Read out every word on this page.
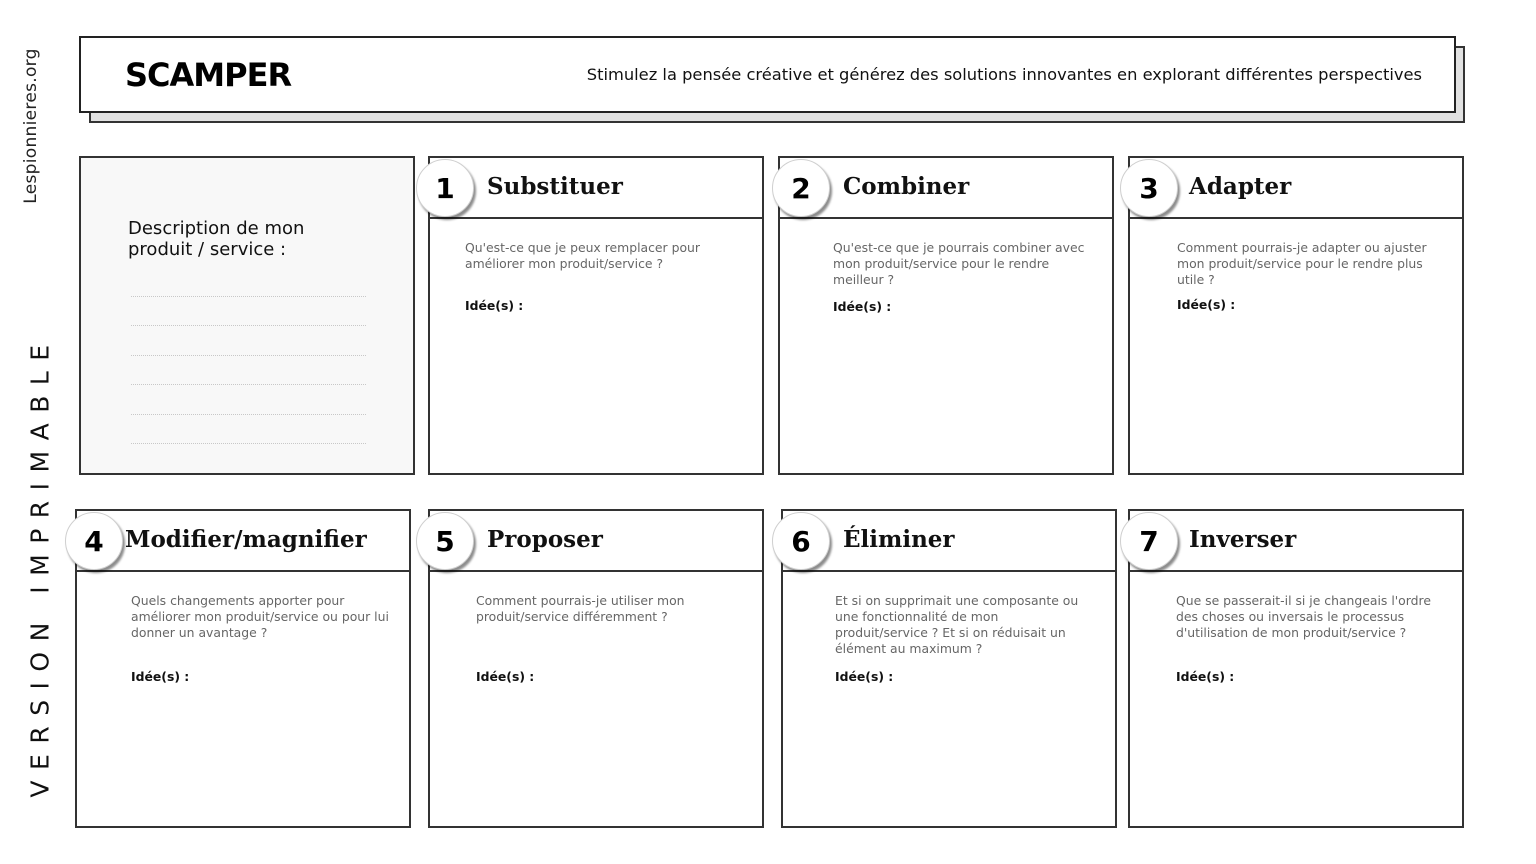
Lespionnieres.org
VERSION IMPRIMABLE
SCAMPER	Stimulez la pensée créative et générez des solutions innovantes en explorant différentes perspectives
Description de mon produit / service :
Substituer
1
Qu'est-ce que je peux remplacer pour améliorer mon produit/service ?
Idée(s) :
Combiner
2
Qu'est-ce que je pourrais combiner avec mon produit/service pour le rendre meilleur ?
Idée(s) :
Adapter
3
Comment pourrais-je adapter ou ajuster mon produit/service pour le rendre plus utile ?
Idée(s) :
Modifier/magnifier
4
Quels changements apporter pour améliorer mon produit/service ou pour lui donner un avantage ?
Idée(s) :
Proposer
5
Comment pourrais-je utiliser mon produit/service différemment ?
Idée(s) :
Éliminer
6
Et si on supprimait une composante ou une fonctionnalité de mon produit/service ? Et si on réduisait un élément au maximum ?
Idée(s) :
Inverser
7
Que se passerait-il si je changeais l'ordre des choses ou inversais le processus d'utilisation de mon produit/service ?
Idée(s) :
